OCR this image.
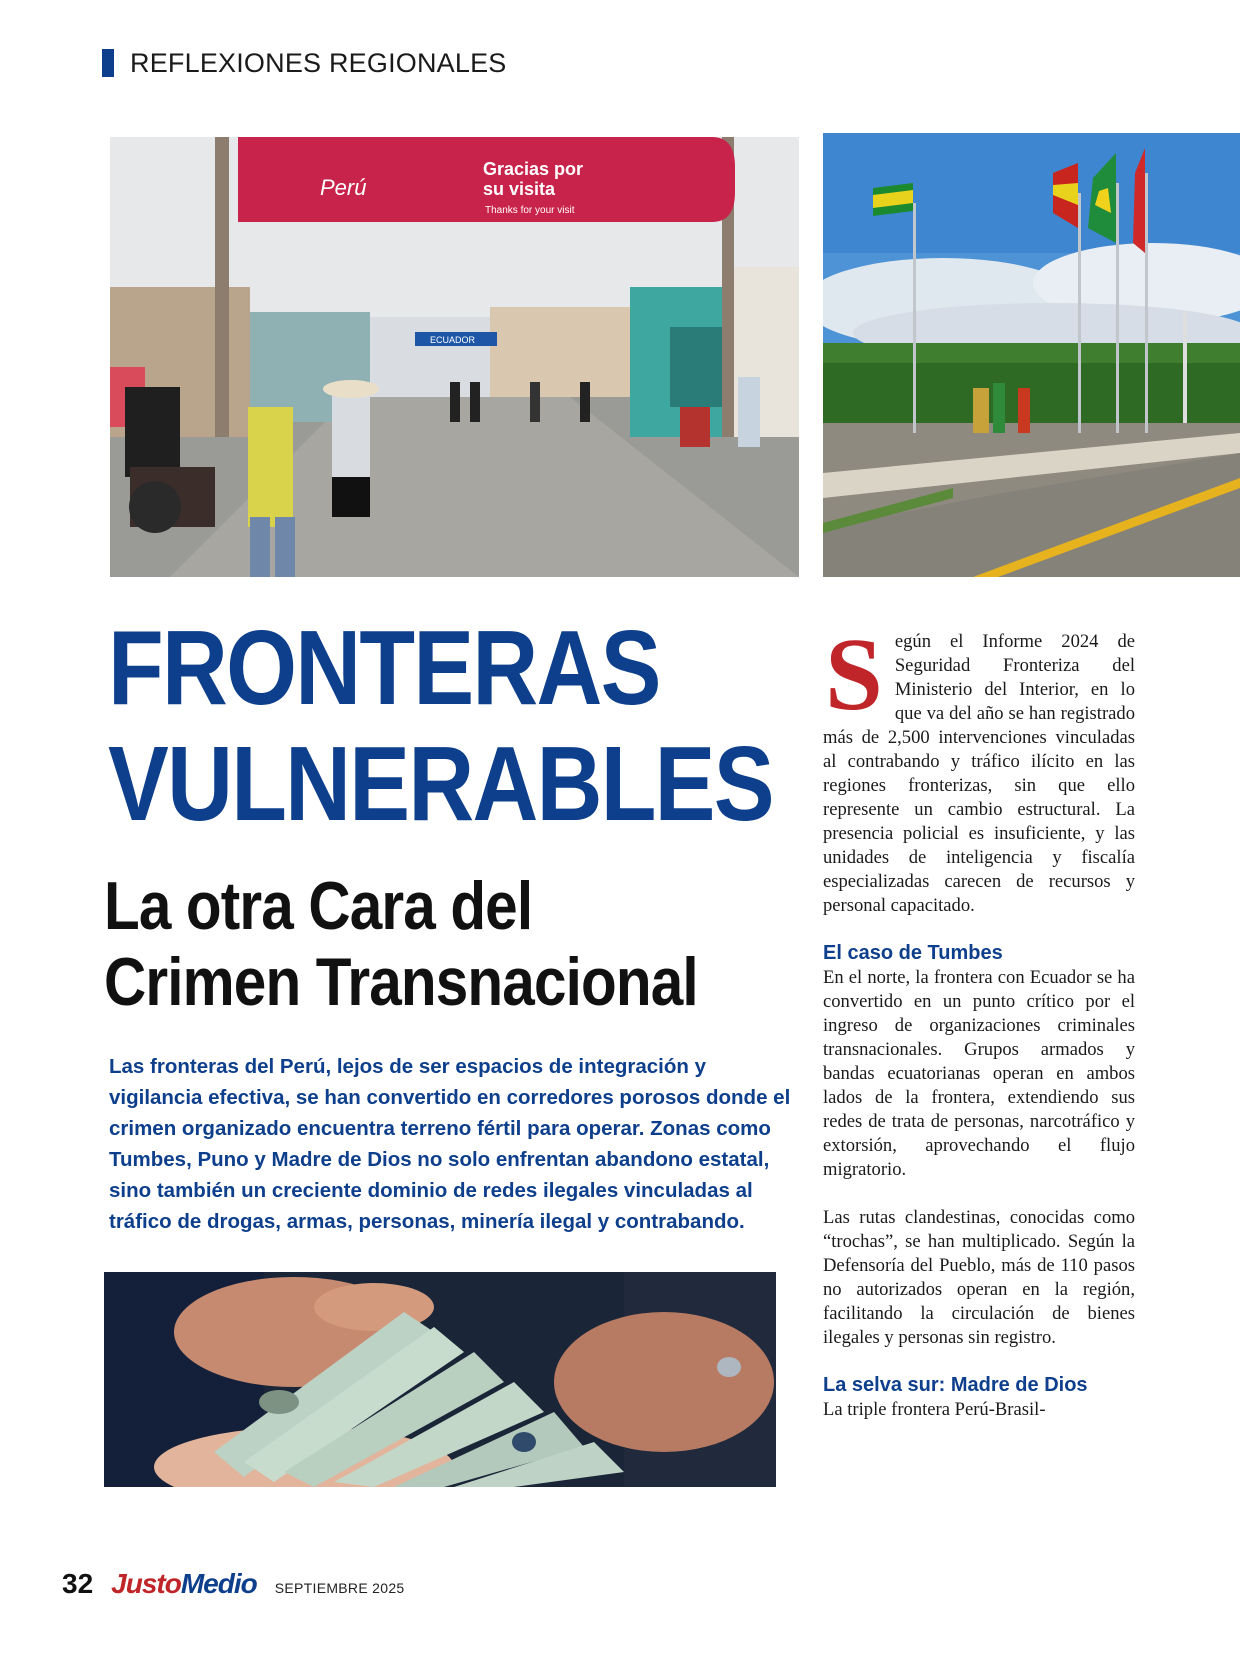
REFLEXIONES REGIONALES
Perú
Gracias por
su visita
Thanks for your visit
ECUADOR
FRONTERAS
VULNERABLES
La otra Cara del
Crimen Transnacional
Las fronteras del Perú, lejos de ser espacios de integración y vigilancia efectiva, se han convertido en corredores porosos donde el crimen organizado encuentra terreno fértil para operar. Zonas como Tumbes, Puno y Madre de Dios no solo enfrentan abandono estatal, sino también un creciente dominio de redes ilegales vinculadas al tráfico de drogas, armas, personas, minería ilegal y contrabando.
S egún el Informe 2024 de Seguridad Fronteriza del Ministerio del Interior, en lo que va del año se han registrado más de 2,500 intervenciones vinculadas al contrabando y tráfico ilícito en las regiones fronterizas, sin que ello represente un cambio estructural. La presencia policial es insuficiente, y las unidades de inteligencia y fiscalía especializadas carecen de recursos y personal capacitado.

El caso de Tumbes

En el norte, la frontera con Ecuador se ha convertido en un punto crítico por el ingreso de organizaciones criminales transnacionales. Grupos armados y bandas ecuatorianas operan en ambos lados de la frontera, extendiendo sus redes de trata de personas, narcotráfico y extorsión, aprovechando el flujo migratorio.

Las rutas clandestinas, conocidas como “trochas”, se han multiplicado. Según la Defensoría del Pueblo, más de 110 pasos no autorizados operan en la región, facilitando la circulación de bienes ilegales y personas sin registro.

La selva sur: Madre de Dios

La triple frontera Perú-Brasil-

32 JustoMedio SEPTIEMBRE 2025
